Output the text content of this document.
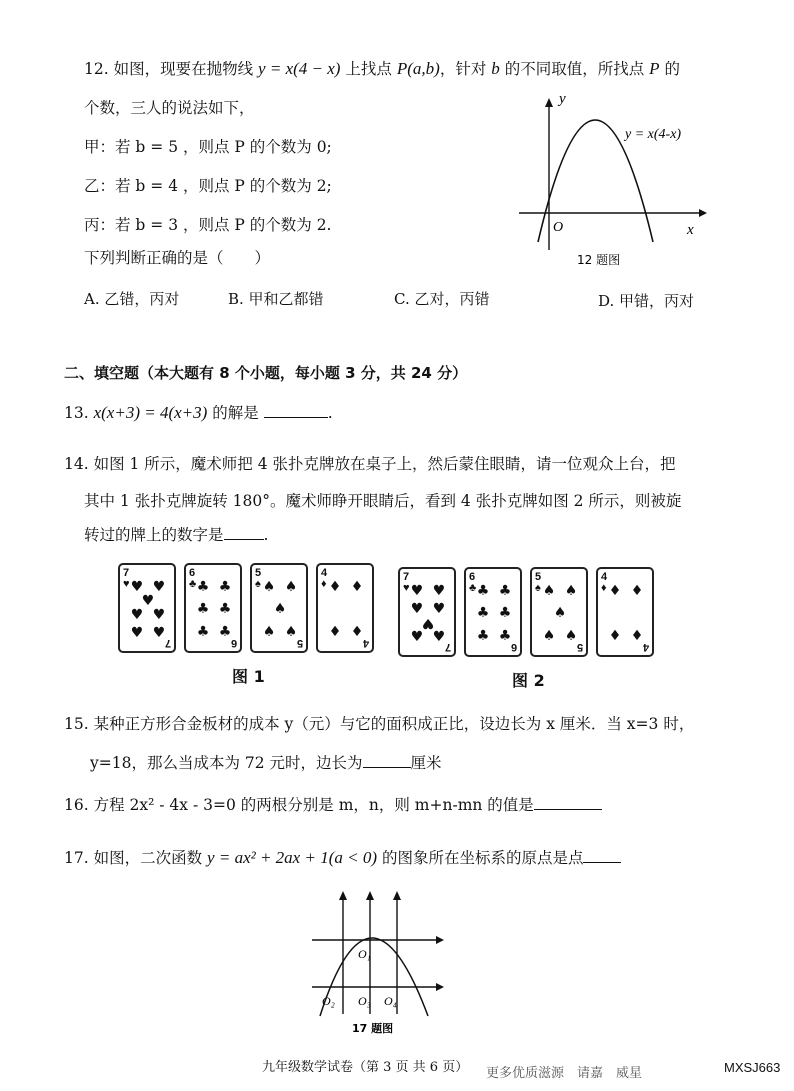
12. 如图，现要在抛物线 y = x(4 − x) 上找点 P(a,b)，针对 b 的不同取值，所找点 P 的
个数，三人的说法如下，
甲：若 b = 5 ，则点 P 的个数为 0;
乙：若 b = 4 ，则点 P 的个数为 2;
丙：若 b = 3 ，则点 P 的个数为 2.
下列判断正确的是（　　）
A. 乙错，丙对	B. 甲和乙都错	C. 乙对，丙错	D. 甲错，丙对
y
x
O
y = x(4-x)
12 题图
二、填空题（本大题有 8 个小题，每小题 3 分，共 24 分）
13. x(x+3) = 4(x+3) 的解是	.
14. 如图 1 所示，魔术师把 4 张扑克牌放在桌子上，然后蒙住眼睛，请一位观众上台，把
其中 1 张扑克牌旋转 180°。魔术师睁开眼睛后，看到 4 张扑克牌如图 2 所示，则被旋
转过的牌上的数字是	.
7
♥ ♥ ♥
♥
♥ ♥
♥ ♥
7
6
♣ ♣ ♣
♣ ♣
♣ ♣
6
5
♠ ♠ ♠
♠
♠ ♠
5
4
♦ ♦ ♦
♦ ♦
4
图 1
7
♥ ♥ ♥
♥ ♥
♥
♥ ♥
7
6
♣ ♣ ♣
♣ ♣
♣ ♣
6
5
♠ ♠ ♠
♠
♠ ♠
5
4
♦ ♦ ♦
♦ ♦
4
图 2
15. 某种正方形合金板材的成本 y（元）与它的面积成正比，设边长为 x 厘米．当 x=3 时，
y=18，那么当成本为 72 元时，边长为	厘米
16. 方程 2x² - 4x - 3=0 的两根分别是 m，n，则 m+n-mn 的值是
17. 如图，二次函数 y = ax² + 2ax + 1(a < 0) 的图象所在坐标系的原点是点
O₁
O₂ O₃ O₄
17 题图
九年级数学试卷（第 3 页 共 6 页） 更多优质滋源　请嘉　威星	MXSJ663
